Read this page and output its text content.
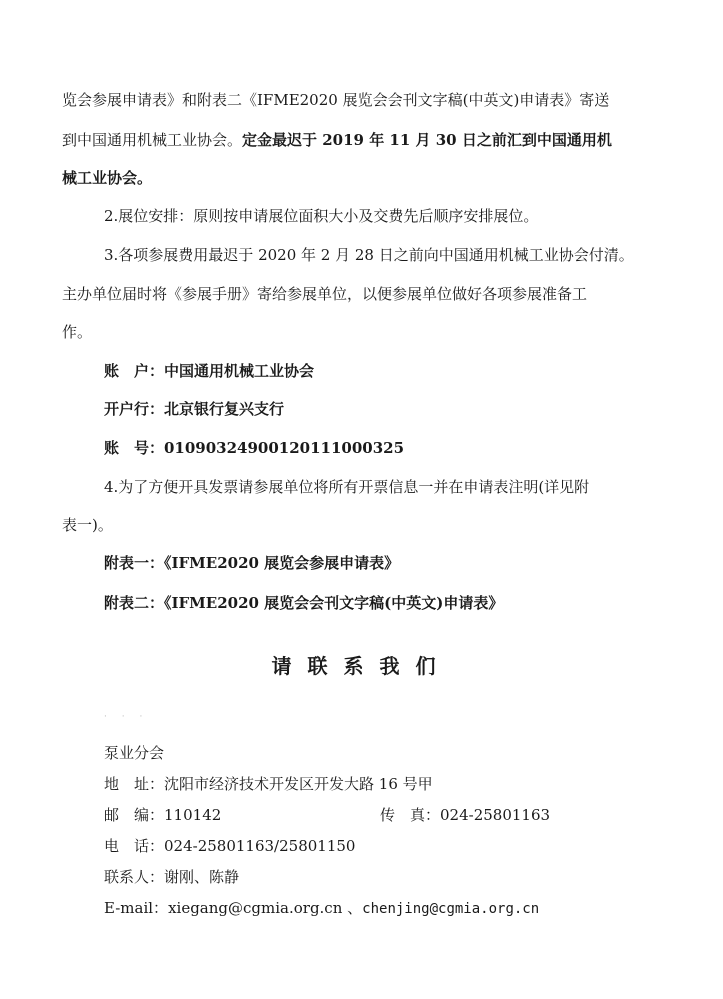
览会参展申请表》和附表二《IFME2020 展览会会刊文字稿(中英文)申请表》寄送
到中国通用机械工业协会。定金最迟于 2019 年 11 月 30 日之前汇到中国通用机
械工业协会。
2.展位安排：原则按申请展位面积大小及交费先后顺序安排展位。
3.各项参展费用最迟于 2020 年 2 月 28 日之前向中国通用机械工业协会付清。
主办单位届时将《参展手册》寄给参展单位，以便参展单位做好各项参展准备工
作。
账　户：中国通用机械工业协会
开户行：北京银行复兴支行
账　号：01090324900120111000325
4.为了方便开具发票请参展单位将所有开票信息一并在申请表注明(详见附
表一)。
附表一：《IFME2020 展览会参展申请表》
附表二：《IFME2020 展览会会刊文字稿(中英文)申请表》
请联系我们
· · ·
泵业分会
地　址：沈阳市经济技术开发区开发大路 16 号甲
邮　编：110142	传　真：024-25801163
电　话：024-25801163/25801150
联系人：谢刚、陈静
E-mail：xiegang@cgmia.org.cn 、chenjing@cgmia.org.cn
